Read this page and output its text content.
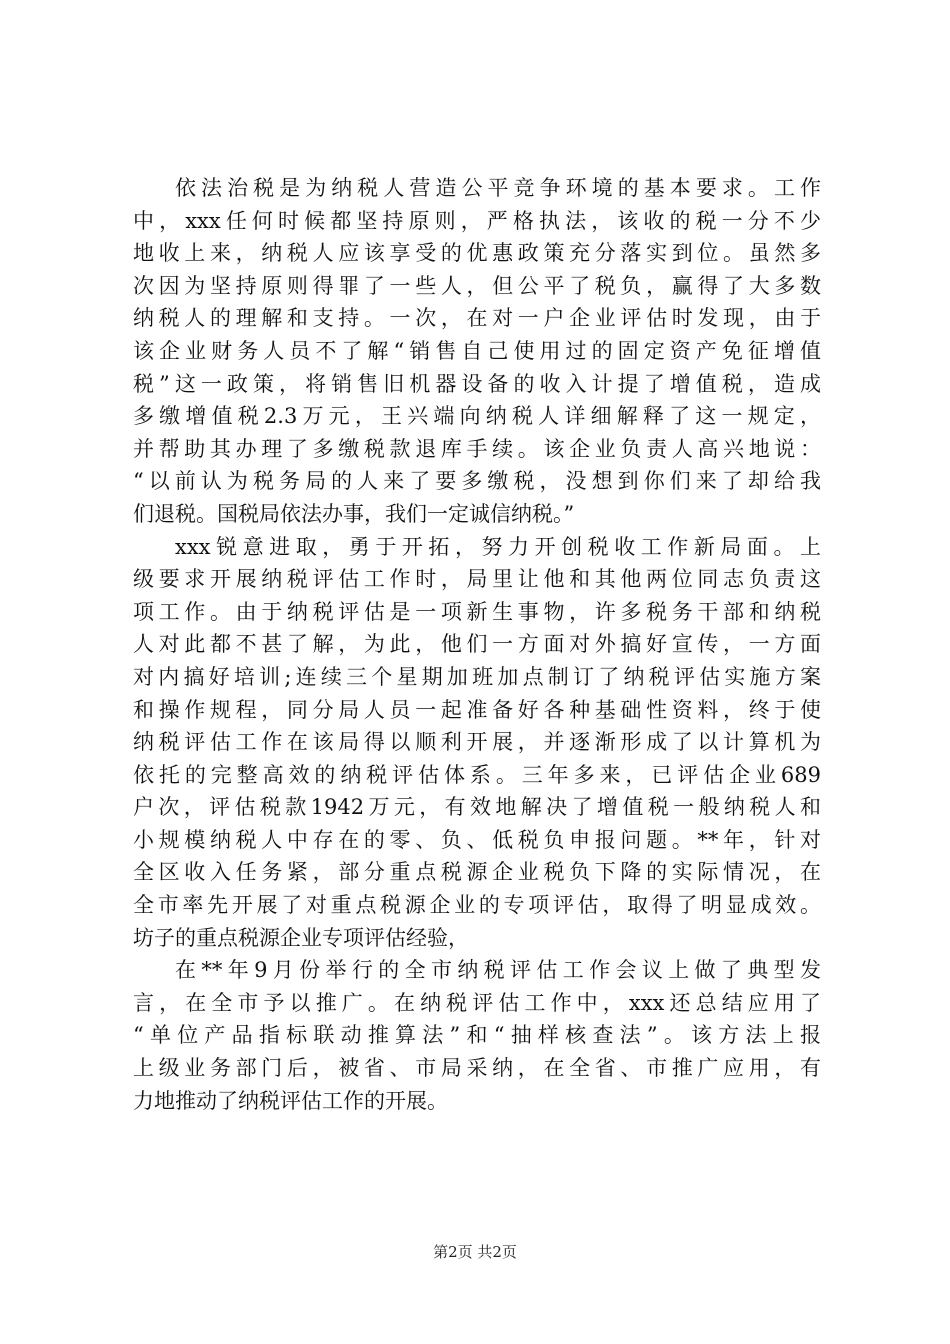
依法治税是为纳税人营造公平竞争环境的基本要求。工作
中，xxx任何时候都坚持原则，严格执法，该收的税一分不少
地收上来，纳税人应该享受的优惠政策充分落实到位。虽然多
次因为坚持原则得罪了一些人，但公平了税负，赢得了大多数
纳税人的理解和支持。一次，在对一户企业评估时发现，由于
该企业财务人员不了解“销售自己使用过的固定资产免征增值
税”这一政策，将销售旧机器设备的收入计提了增值税，造成
多缴增值税2.3万元，王兴端向纳税人详细解释了这一规定，
并帮助其办理了多缴税款退库手续。该企业负责人高兴地说：
“以前认为税务局的人来了要多缴税，没想到你们来了却给我
们退税。国税局依法办事，我们一定诚信纳税。”
xxx锐意进取，勇于开拓，努力开创税收工作新局面。上
级要求开展纳税评估工作时，局里让他和其他两位同志负责这
项工作。由于纳税评估是一项新生事物，许多税务干部和纳税
人对此都不甚了解，为此，他们一方面对外搞好宣传，一方面
对内搞好培训;连续三个星期加班加点制订了纳税评估实施方案
和操作规程，同分局人员一起准备好各种基础性资料，终于使
纳税评估工作在该局得以顺利开展，并逐渐形成了以计算机为
依托的完整高效的纳税评估体系。三年多来，已评估企业689
户次，评估税款1942万元，有效地解决了增值税一般纳税人和
小规模纳税人中存在的零、负、低税负申报问题。**年，针对
全区收入任务紧，部分重点税源企业税负下降的实际情况，在
全市率先开展了对重点税源企业的专项评估，取得了明显成效。
坊子的重点税源企业专项评估经验，
在**年9月份举行的全市纳税评估工作会议上做了典型发
言，在全市予以推广。在纳税评估工作中，xxx还总结应用了
“单位产品指标联动推算法”和“抽样核查法”。该方法上报
上级业务部门后，被省、市局采纳，在全省、市推广应用，有
力地推动了纳税评估工作的开展。
第2页 共2页
